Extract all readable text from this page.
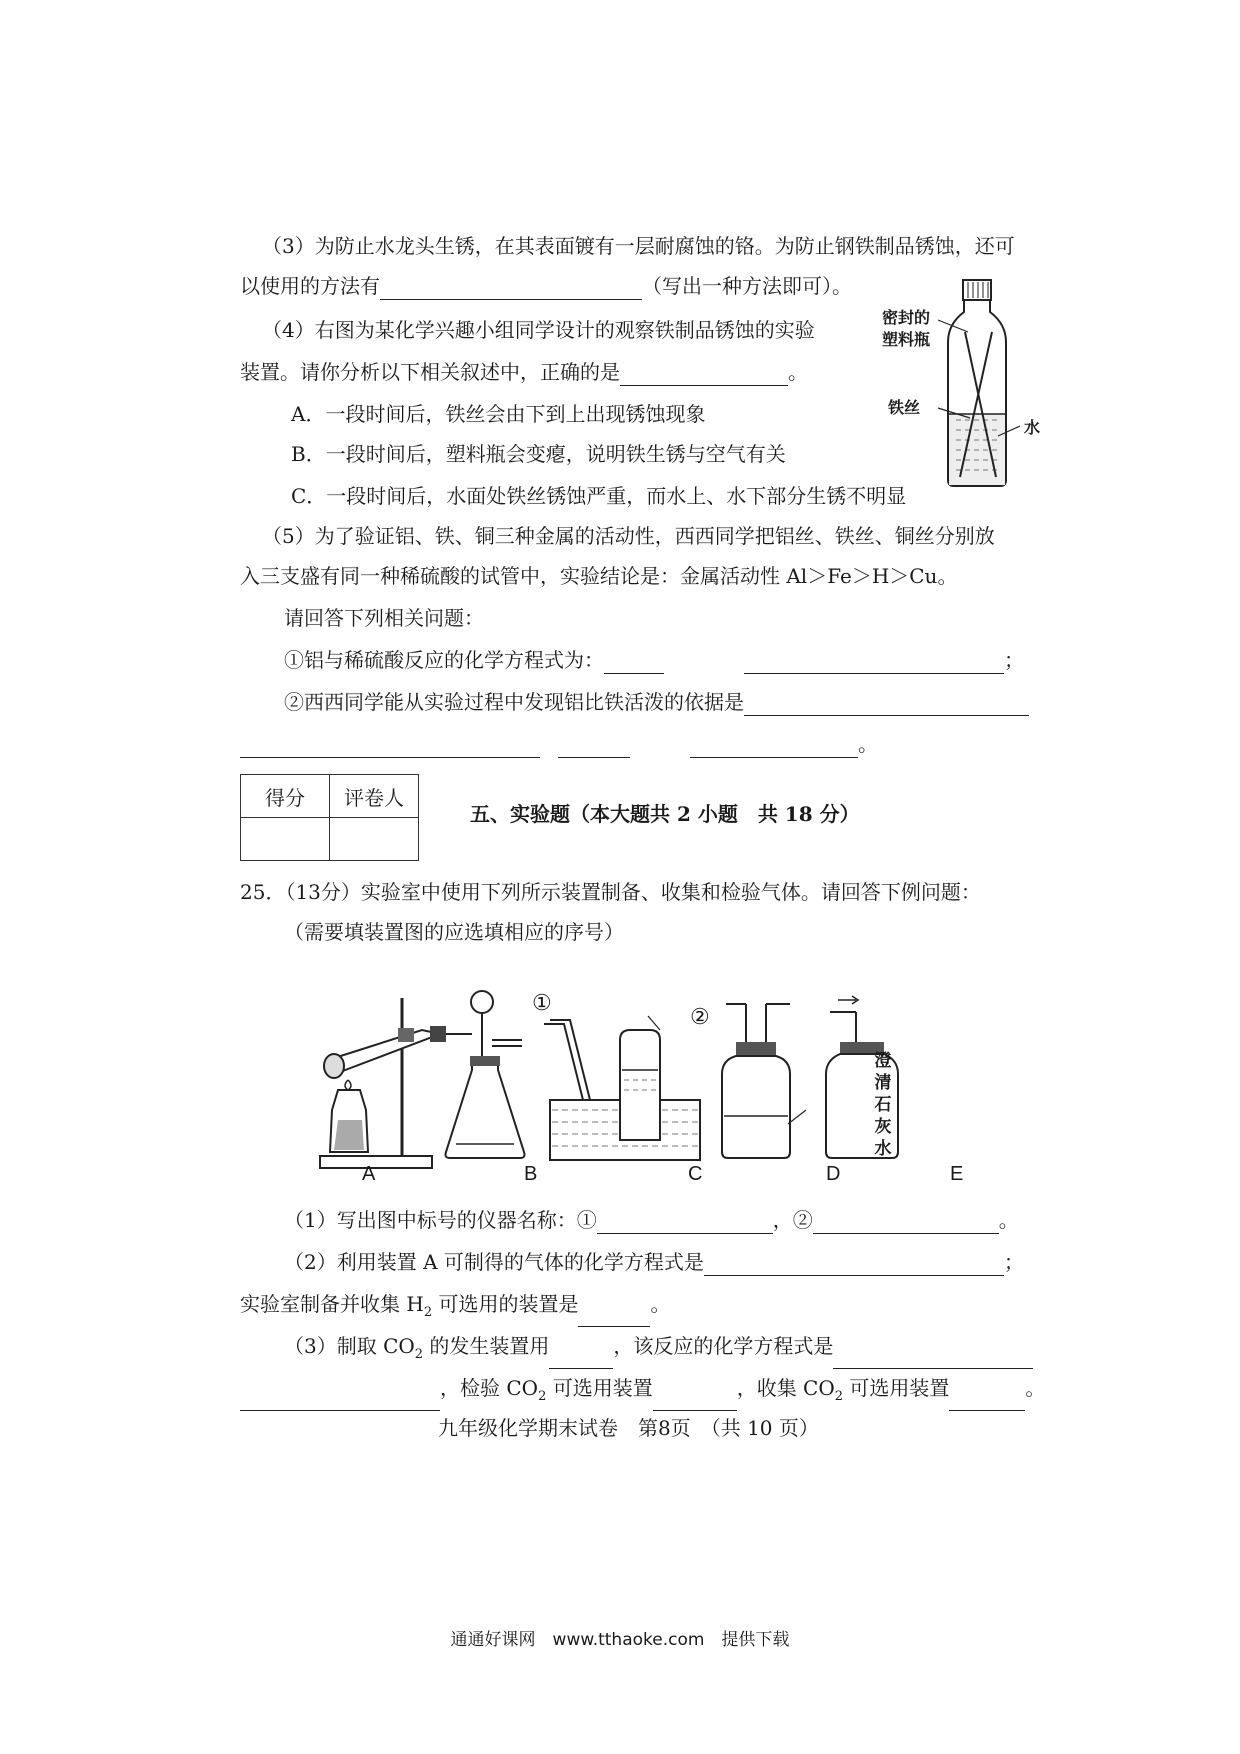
（3）为防止水龙头生锈，在其表面镀有一层耐腐蚀的铬。为防止钢铁制品锈蚀，还可
以使用的方法有	（写出一种方法即可）。
（4）右图为某化学兴趣小组同学设计的观察铁制品锈蚀的实验
装置。请你分析以下相关叙述中，正确的是	。
A．一段时间后，铁丝会由下到上出现锈蚀现象
B．一段时间后，塑料瓶会变瘪，说明铁生锈与空气有关
C．一段时间后，水面处铁丝锈蚀严重，而水上、水下部分生锈不明显
密封的
塑料瓶
铁丝
水
（5）为了验证铝、铁、铜三种金属的活动性，西西同学把铝丝、铁丝、铜丝分别放
入三支盛有同一种稀硫酸的试管中，实验结论是：金属活动性 Al＞Fe＞H＞Cu。
请回答下列相关问题：
①铝与稀硫酸反应的化学方程式为：	；
②西西同学能从实验过程中发现铝比铁活泼的依据是
。
得分	评卷人

五、实验题（本大题共 2 小题　共 18 分）
25．（13分）实验室中使用下列所示装置制备、收集和检验气体。请回答下例问题：
（需要填装置图的应选填相应的序号）
①
②
澄
清
石
灰
水
A	B	C	D	E
（1）写出图中标号的仪器名称：①	，②	。
（2）利用装置 A 可制得的气体的化学方程式是	；
实验室制备并收集 $H_2$ 可选用的装置是	。
（3）制取 $CO_2$ 的发生装置用	，该反应的化学方程式是
，检验 $CO_2$ 可选用装置	，收集 $CO_2$ 可选用装置	。
九年级化学期末试卷　第8页　（共 10 页）
通通好课网　www.tthaoke.com　提供下载
